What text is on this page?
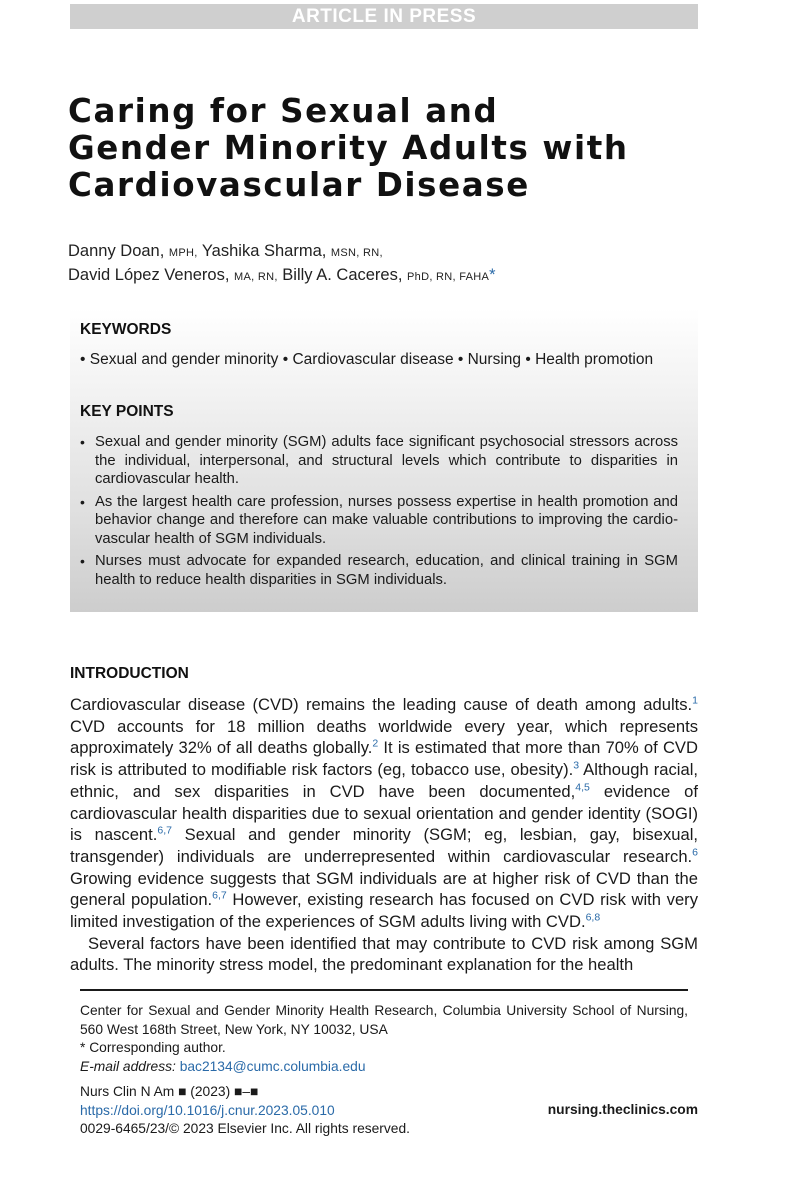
ARTICLE IN PRESS
Caring for Sexual and
Gender Minority Adults with
Cardiovascular Disease
Danny Doan, MPH, Yashika Sharma, MSN, RN,
David López Veneros, MA, RN, Billy A. Caceres, PhD, RN, FAHA*
KEYWORDS
• Sexual and gender minority • Cardiovascular disease • Nursing • Health promotion
KEY POINTS
• Sexual and gender minority (SGM) adults face significant psychosocial stressors across the individual, interpersonal, and structural levels which contribute to disparities in cardiovascular health.
• As the largest health care profession, nurses possess expertise in health promotion and behavior change and therefore can make valuable contributions to improving the cardiovascular health of SGM individuals.
• Nurses must advocate for expanded research, education, and clinical training in SGM health to reduce health disparities in SGM individuals.
INTRODUCTION

Cardiovascular disease (CVD) remains the leading cause of death among adults.$^1$ CVD accounts for 18 million deaths worldwide every year, which represents approximately 32% of all deaths globally.$^2$ It is estimated that more than 70% of CVD risk is attributed to modifiable risk factors (eg, tobacco use, obesity).$^3$ Although racial, ethnic, and sex disparities in CVD have been documented,$^{4,5}$ evidence of cardiovascular health disparities due to sexual orientation and gender identity (SOGI) is nascent.$^{6,7}$ Sexual and gender minority (SGM; eg, lesbian, gay, bisexual, transgender) individuals are underrepresented within cardiovascular research.$^6$ Growing evidence suggests that SGM individuals are at higher risk of CVD than the general population.$^{6,7}$ However, existing research has focused on CVD risk with very limited investigation of the experiences of SGM adults living with CVD.$^{6,8}$

Several factors have been identified that may contribute to CVD risk among SGM adults. The minority stress model, the predominant explanation for the health

Center for Sexual and Gender Minority Health Research, Columbia University School of Nursing, 560 West 168th Street, New York, NY 10032, USA
* Corresponding author.
E-mail address: bac2134@cumc.columbia.edu
Nurs Clin N Am ■ (2023) ■–■
https://doi.org/10.1016/j.cnur.2023.05.010
0029-6465/23/© 2023 Elsevier Inc. All rights reserved.
nursing.theclinics.com
